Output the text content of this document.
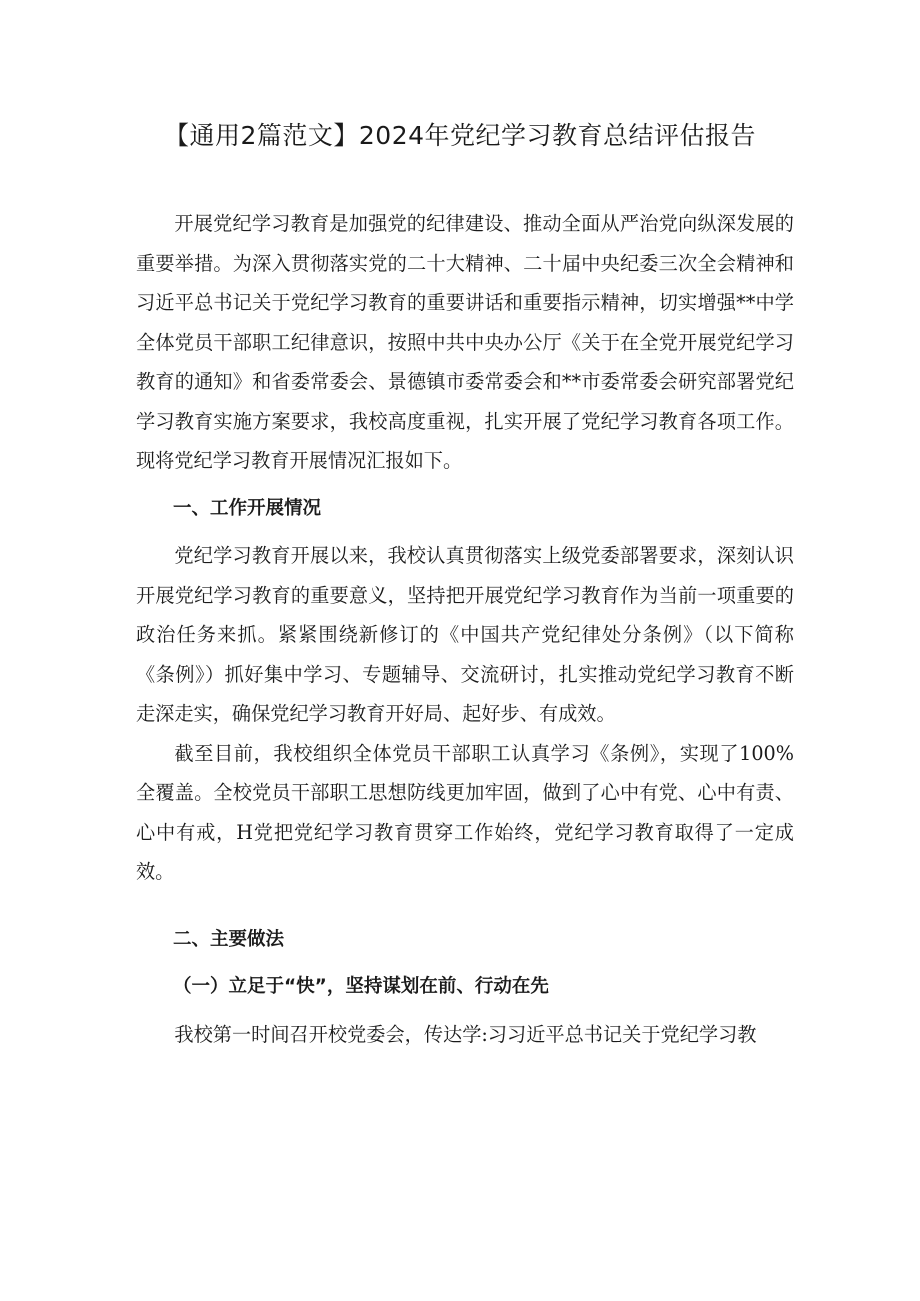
【通用2篇范文】2024年党纪学习教育总结评估报告

开展党纪学习教育是加强党的纪律建设、推动全面从严治党向纵深发展的重要举措。为深入贯彻落实党的二十大精神、二十届中央纪委三次全会精神和习近平总书记关于党纪学习教育的重要讲话和重要指示精神，切实增强**中学全体党员干部职工纪律意识，按照中共中央办公厅《关于在全党开展党纪学习教育的通知》和省委常委会、景德镇市委常委会和**市委常委会研究部署党纪学习教育实施方案要求，我校高度重视，扎实开展了党纪学习教育各项工作。现将党纪学习教育开展情况汇报如下。

一、工作开展情况

党纪学习教育开展以来，我校认真贯彻落实上级党委部署要求，深刻认识开展党纪学习教育的重要意义，坚持把开展党纪学习教育作为当前一项重要的政治任务来抓。紧紧围绕新修订的《中国共产党纪律处分条例》（以下简称《条例》）抓好集中学习、专题辅导、交流研讨，扎实推动党纪学习教育不断走深走实，确保党纪学习教育开好局、起好步、有成效。

截至目前，我校组织全体党员干部职工认真学习《条例》，实现了100%全覆盖。全校党员干部职工思想防线更加牢固，做到了心中有党、心中有责、心中有戒，H党把党纪学习教育贯穿工作始终，党纪学习教育取得了一定成效。

二、主要做法

（一）立足于“快”，坚持谋划在前、行动在先

我校第一时间召开校党委会，传达学:习习近平总书记关于党纪学习教
